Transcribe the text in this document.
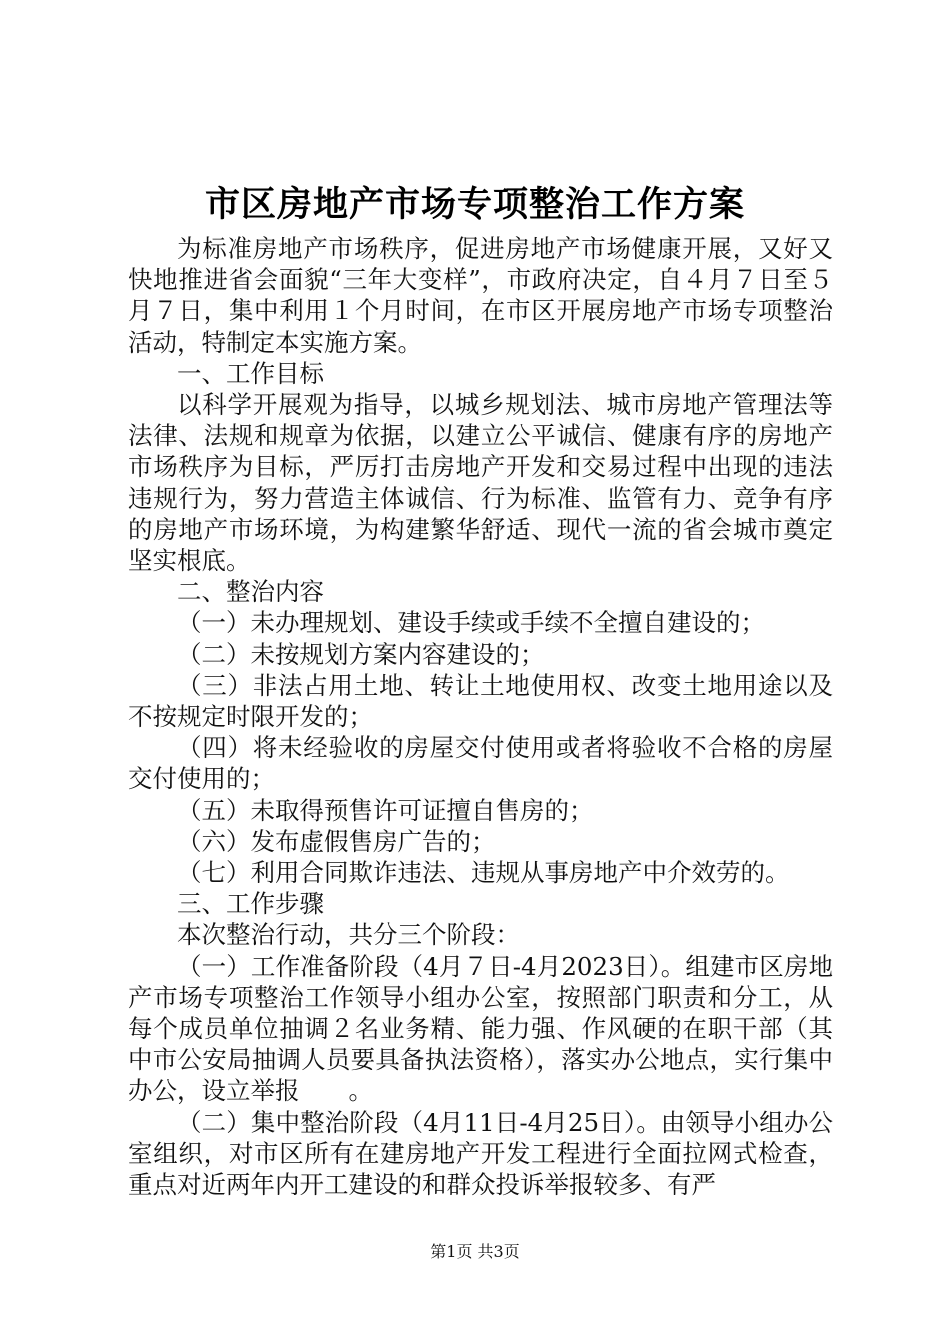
市区房地产市场专项整治工作方案

为标准房地产市场秩序，促进房地产市场健康开展，又好又快地推进省会面貌“三年大变样”，市政府决定，自４月７日至５月７日，集中利用１个月时间，在市区开展房地产市场专项整治活动，特制定本实施方案。

一、工作目标

以科学开展观为指导，以城乡规划法、城市房地产管理法等法律、法规和规章为依据，以建立公平诚信、健康有序的房地产市场秩序为目标，严厉打击房地产开发和交易过程中出现的违法违规行为，努力营造主体诚信、行为标准、监管有力、竞争有序的房地产市场环境，为构建繁华舒适、现代一流的省会城市奠定坚实根底。

二、整治内容

（一）未办理规划、建设手续或手续不全擅自建设的；

（二）未按规划方案内容建设的；

（三）非法占用土地、转让土地使用权、改变土地用途以及不按规定时限开发的；

（四）将未经验收的房屋交付使用或者将验收不合格的房屋交付使用的；

（五）未取得预售许可证擅自售房的；

（六）发布虚假售房广告的；

（七）利用合同欺诈违法、违规从事房地产中介效劳的。

三、工作步骤

本次整治行动，共分三个阶段：

（一）工作准备阶段（4月７日-4月2023日）。组建市区房地产市场专项整治工作领导小组办公室，按照部门职责和分工，从每个成员单位抽调２名业务精、能力强、作风硬的在职干部（其中市公安局抽调人员要具备执法资格），落实办公地点，实行集中办公，设立举报　　。

（二）集中整治阶段（4月11日-4月25日）。由领导小组办公室组织，对市区所有在建房地产开发工程进行全面拉网式检查，重点对近两年内开工建设的和群众投诉举报较多、有严

第1页 共3页
